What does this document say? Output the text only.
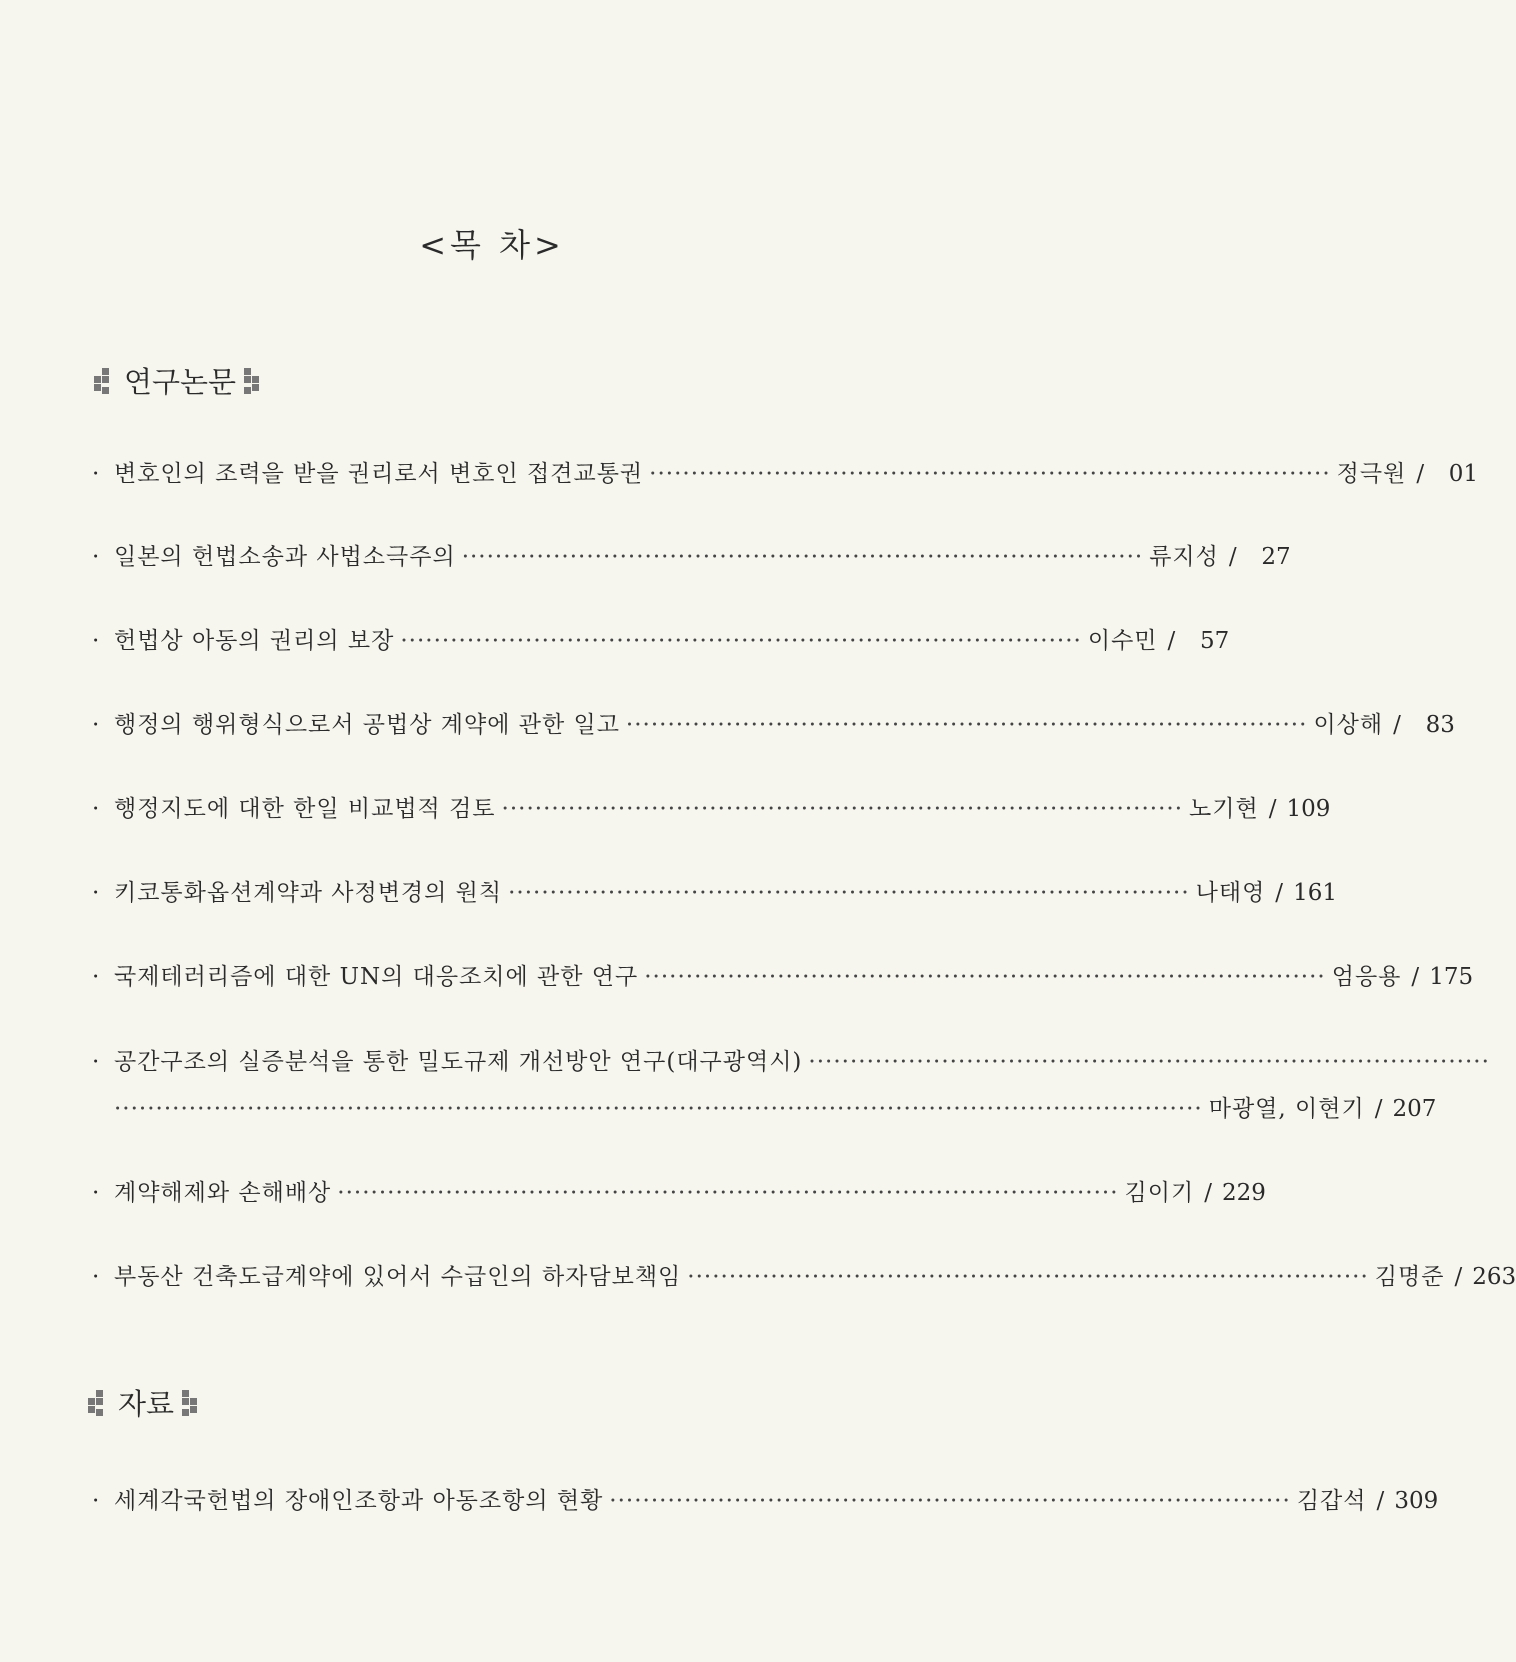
<목 차>
연구논문
· 변호인의 조력을 받을 권리로서 변호인 접견교통권 ·················································································· 정극원 /	01
· 일본의 헌법소송과 사법소극주의 ·················································································· 류지성 /	27
· 헌법상 아동의 권리의 보장 ·················································································· 이수민 /	57
· 행정의 행위형식으로서 공법상 계약에 관한 일고 ·················································································· 이상해 /	83
· 행정지도에 대한 한일 비교법적 검토 ·················································································· 노기현 / 109
· 키코통화옵션계약과 사정변경의 원칙 ·················································································· 나태영 / 161
· 국제테러리즘에 대한 UN의 대응조치에 관한 연구 ·················································································· 엄응용 / 175
· 공간구조의 실증분석을 통한 밀도규제 개선방안 연구(대구광역시) ··················································································
··································································································································· 마광열, 이현기 / 207
· 계약해제와 손해배상 ······························································································ 김이기 / 229
· 부동산 건축도급계약에 있어서 수급인의 하자담보책임 ·················································································· 김명준 / 263
자료
· 세계각국헌법의 장애인조항과 아동조항의 현황 ·················································································· 김갑석 / 309
